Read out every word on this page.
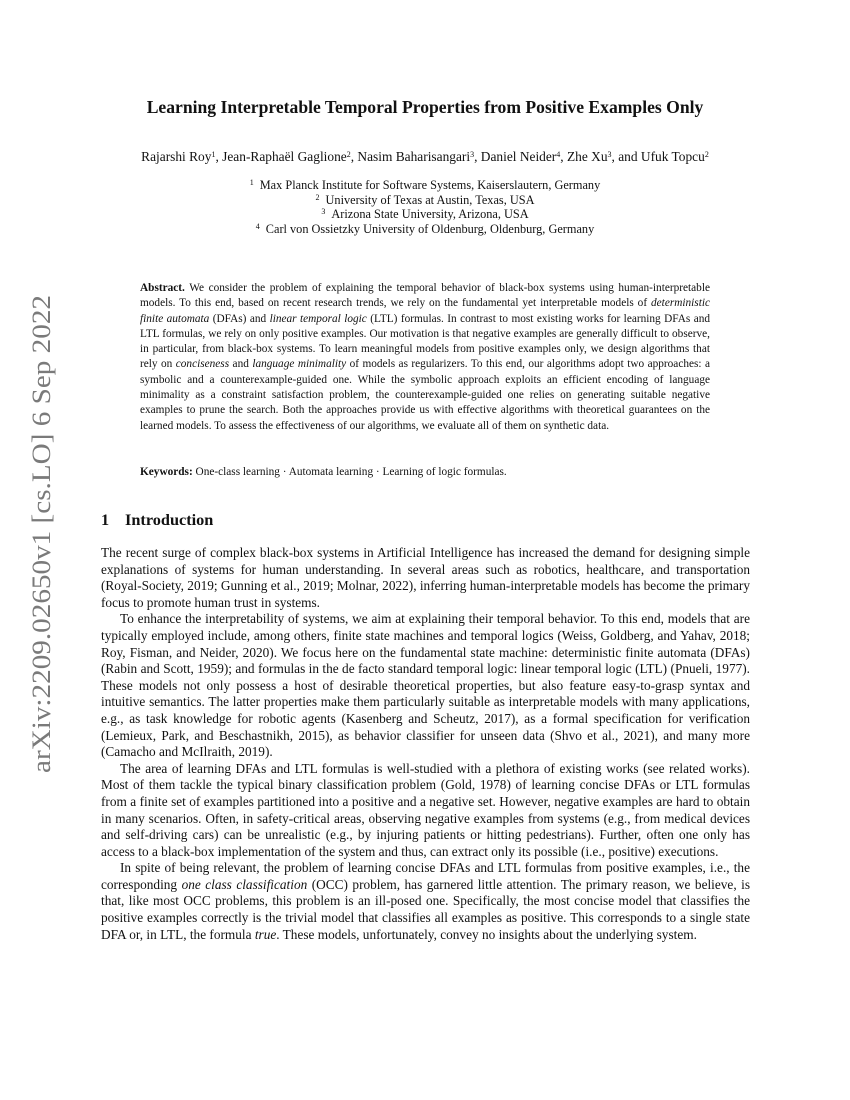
arXiv:2209.02650v1 [cs.LO] 6 Sep 2022
Learning Interpretable Temporal Properties from Positive Examples Only
Rajarshi Roy$^1$, Jean-Raphaël Gaglione$^2$, Nasim Baharisangari$^3$, Daniel Neider$^4$, Zhe Xu$^3$, and Ufuk Topcu$^2$
$^1$ Max Planck Institute for Software Systems, Kaiserslautern, Germany
$^2$ University of Texas at Austin, Texas, USA
$^3$ Arizona State University, Arizona, USA
$^4$ Carl von Ossietzky University of Oldenburg, Oldenburg, Germany
Abstract. We consider the problem of explaining the temporal behavior of black-box systems using human-interpretable models. To this end, based on recent research trends, we rely on the fundamental yet interpretable models of deterministic finite automata (DFAs) and linear temporal logic (LTL) formulas. In contrast to most existing works for learning DFAs and LTL formulas, we rely on only positive examples. Our motivation is that negative examples are generally difficult to observe, in particular, from black-box systems. To learn meaningful models from positive examples only, we design algorithms that rely on conciseness and language minimality of models as regularizers. To this end, our algorithms adopt two approaches: a symbolic and a counterexample-guided one. While the symbolic approach exploits an efficient encoding of language minimality as a constraint satisfaction problem, the counterexample-guided one relies on generating suitable negative examples to prune the search. Both the approaches provide us with effective algorithms with theoretical guarantees on the learned models. To assess the effectiveness of our algorithms, we evaluate all of them on synthetic data.
Keywords: One-class learning · Automata learning · Learning of logic formulas.
1 Introduction

The recent surge of complex black-box systems in Artificial Intelligence has increased the demand for designing simple explanations of systems for human understanding. In several areas such as robotics, healthcare, and transportation (Royal-Society, 2019; Gunning et al., 2019; Molnar, 2022), inferring human-interpretable models has become the primary focus to promote human trust in systems.

To enhance the interpretability of systems, we aim at explaining their temporal behavior. To this end, models that are typically employed include, among others, finite state machines and temporal logics (Weiss, Goldberg, and Yahav, 2018; Roy, Fisman, and Neider, 2020). We focus here on the fundamental state machine: deterministic finite automata (DFAs) (Rabin and Scott, 1959); and formulas in the de facto standard temporal logic: linear temporal logic (LTL) (Pnueli, 1977). These models not only possess a host of desirable theoretical properties, but also feature easy-to-grasp syntax and intuitive semantics. The latter properties make them particularly suitable as interpretable models with many applications, e.g., as task knowledge for robotic agents (Kasenberg and Scheutz, 2017), as a formal specification for verification (Lemieux, Park, and Beschastnikh, 2015), as behavior classifier for unseen data (Shvo et al., 2021), and many more (Camacho and McIlraith, 2019).

The area of learning DFAs and LTL formulas is well-studied with a plethora of existing works (see related works). Most of them tackle the typical binary classification problem (Gold, 1978) of learning concise DFAs or LTL formulas from a finite set of examples partitioned into a positive and a negative set. However, negative examples are hard to obtain in many scenarios. Often, in safety-critical areas, observing negative examples from systems (e.g., from medical devices and self-driving cars) can be unrealistic (e.g., by injuring patients or hitting pedestrians). Further, often one only has access to a black-box implementation of the system and thus, can extract only its possible (i.e., positive) executions.

In spite of being relevant, the problem of learning concise DFAs and LTL formulas from positive examples, i.e., the corresponding one class classification (OCC) problem, has garnered little attention. The primary reason, we believe, is that, like most OCC problems, this problem is an ill-posed one. Specifically, the most concise model that classifies the positive examples correctly is the trivial model that classifies all examples as positive. This corresponds to a single state DFA or, in LTL, the formula true. These models, unfortunately, convey no insights about the underlying system.
